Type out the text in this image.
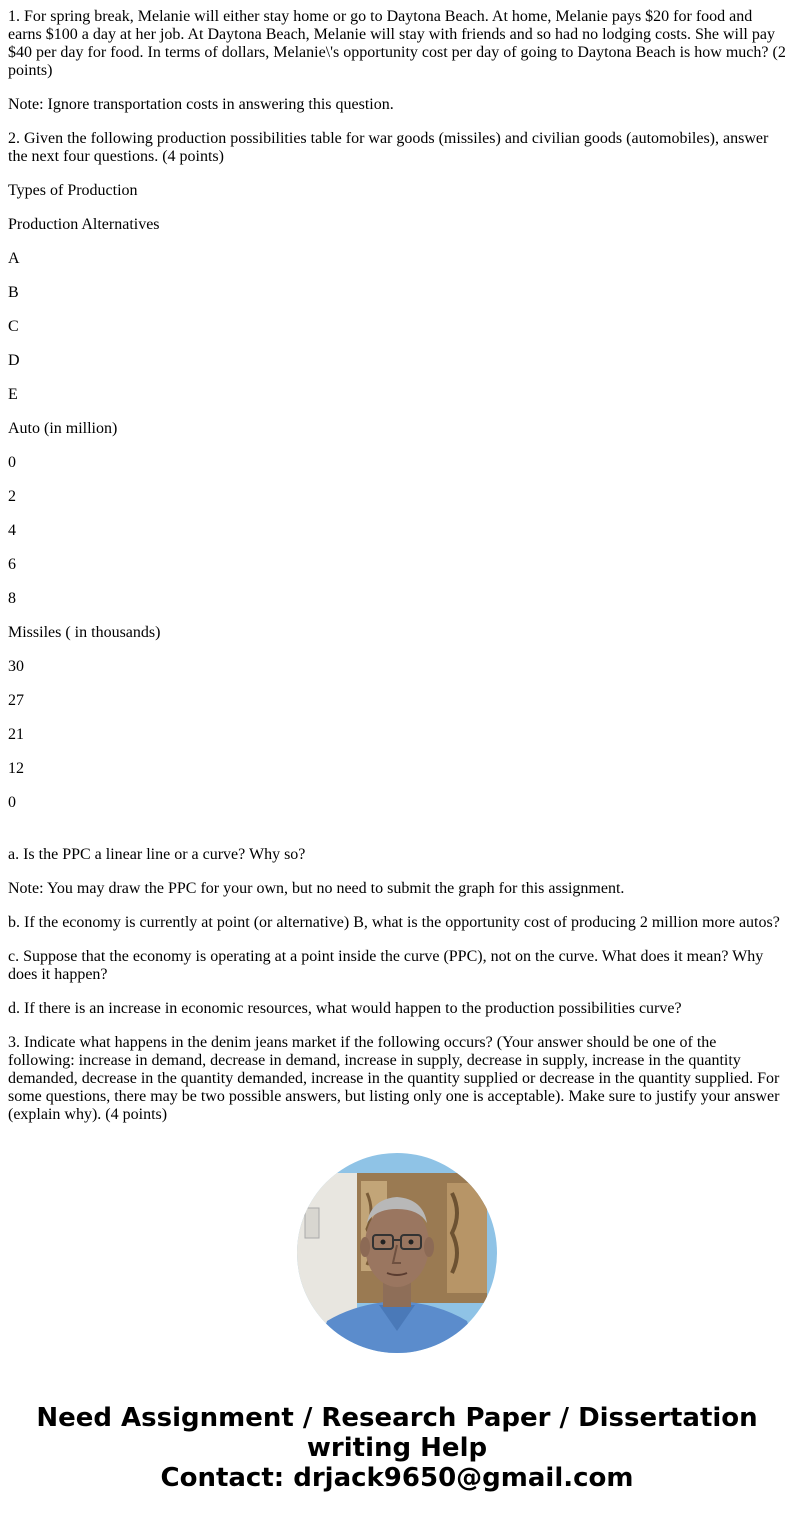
1. For spring break, Melanie will either stay home or go to Daytona Beach. At home, Melanie pays $20 for food and earns $100 a day at her job. At Daytona Beach, Melanie will stay with friends and so had no lodging costs. She will pay $40 per day for food. In terms of dollars, Melanie\'s opportunity cost per day of going to Daytona Beach is how much? (2 points)

Note: Ignore transportation costs in answering this question.

2. Given the following production possibilities table for war goods (missiles) and civilian goods (automobiles), answer the next four questions. (4 points)

Types of Production

Production Alternatives

A

B

C

D

E

Auto (in million)

0

2

4

6

8

Missiles ( in thousands)

30

27

21

12

0

a. Is the PPC a linear line or a curve? Why so?

Note: You may draw the PPC for your own, but no need to submit the graph for this assignment.

b. If the economy is currently at point (or alternative) B, what is the opportunity cost of producing 2 million more autos?

c. Suppose that the economy is operating at a point inside the curve (PPC), not on the curve. What does it mean? Why does it happen?

d. If there is an increase in economic resources, what would happen to the production possibilities curve?

3. Indicate what happens in the denim jeans market if the following occurs? (Your answer should be one of the following: increase in demand, decrease in demand, increase in supply, decrease in supply, increase in the quantity demanded, decrease in the quantity demanded, increase in the quantity supplied or decrease in the quantity supplied. For some questions, there may be two possible answers, but listing only one is acceptable). Make sure to justify your answer (explain why). (4 points)

Need Assignment / Research Paper / Dissertation writing Help
Contact: drjack9650@gmail.com
